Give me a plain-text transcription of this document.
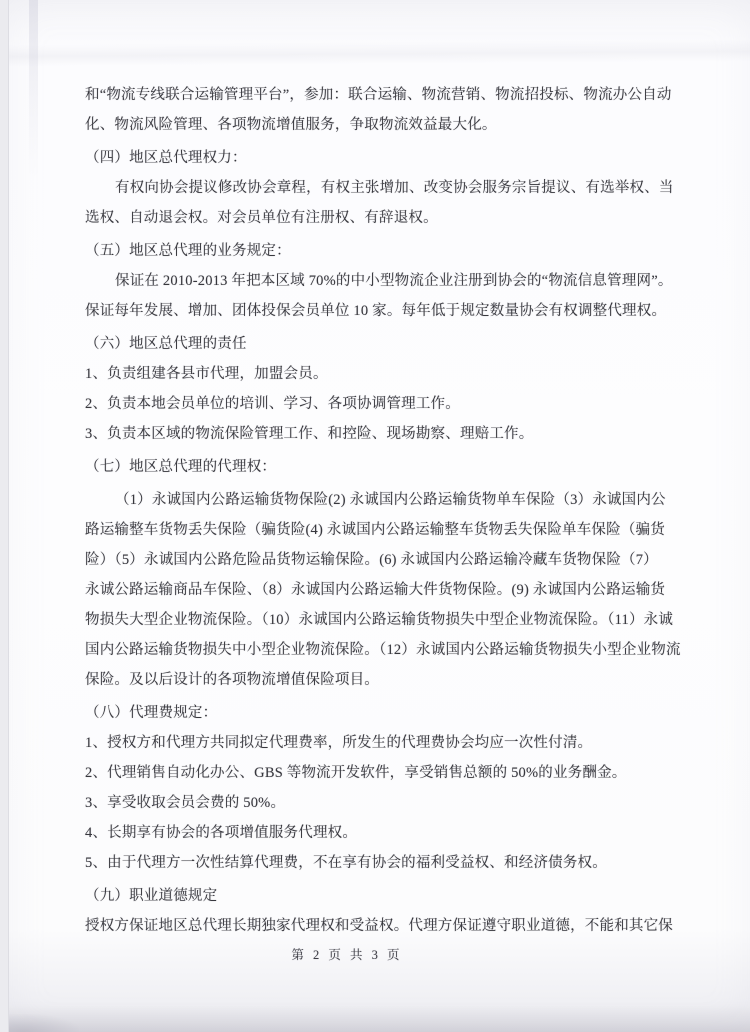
和“物流专线联合运输管理平台”，参加：联合运输、物流营销、物流招投标、物流办公自动
化、物流风险管理、各项物流增值服务，争取物流效益最大化。
（四）地区总代理权力：
有权向协会提议修改协会章程，有权主张增加、改变协会服务宗旨提议、有选举权、当
选权、自动退会权。对会员单位有注册权、有辞退权。
（五）地区总代理的业务规定：
保证在 2010-2013 年把本区域 70%的中小型物流企业注册到协会的“物流信息管理网”。
保证每年发展、增加、团体投保会员单位 10 家。每年低于规定数量协会有权调整代理权。
（六）地区总代理的责任
1、负责组建各县市代理，加盟会员。
2、负责本地会员单位的培训、学习、各项协调管理工作。
3、负责本区域的物流保险管理工作、和控险、现场勘察、理赔工作。
（七）地区总代理的代理权：
（1）永诚国内公路运输货物保险(2) 永诚国内公路运输货物单车保险（3）永诚国内公
路运输整车货物丢失保险（骗货险(4) 永诚国内公路运输整车货物丢失保险单车保险（骗货
险）（5）永诚国内公路危险品货物运输保险。(6) 永诚国内公路运输冷藏车货物保险（7）
永诚公路运输商品车保险、（8）永诚国内公路运输大件货物保险。(9) 永诚国内公路运输货
物损失大型企业物流保险。（10）永诚国内公路运输货物损失中型企业物流保险。（11）永诚
国内公路运输货物损失中小型企业物流保险。（12）永诚国内公路运输货物损失小型企业物流
保险。及以后设计的各项物流增值保险项目。
（八）代理费规定：
1、授权方和代理方共同拟定代理费率，所发生的代理费协会均应一次性付清。
2、代理销售自动化办公、GBS 等物流开发软件，享受销售总额的 50%的业务酬金。
3、享受收取会员会费的 50%。
4、长期享有协会的各项增值服务代理权。
5、由于代理方一次性结算代理费，不在享有协会的福利受益权、和经济债务权。
（九）职业道德规定
授权方保证地区总代理长期独家代理权和受益权。代理方保证遵守职业道德，不能和其它保
第 2 页 共 3 页
